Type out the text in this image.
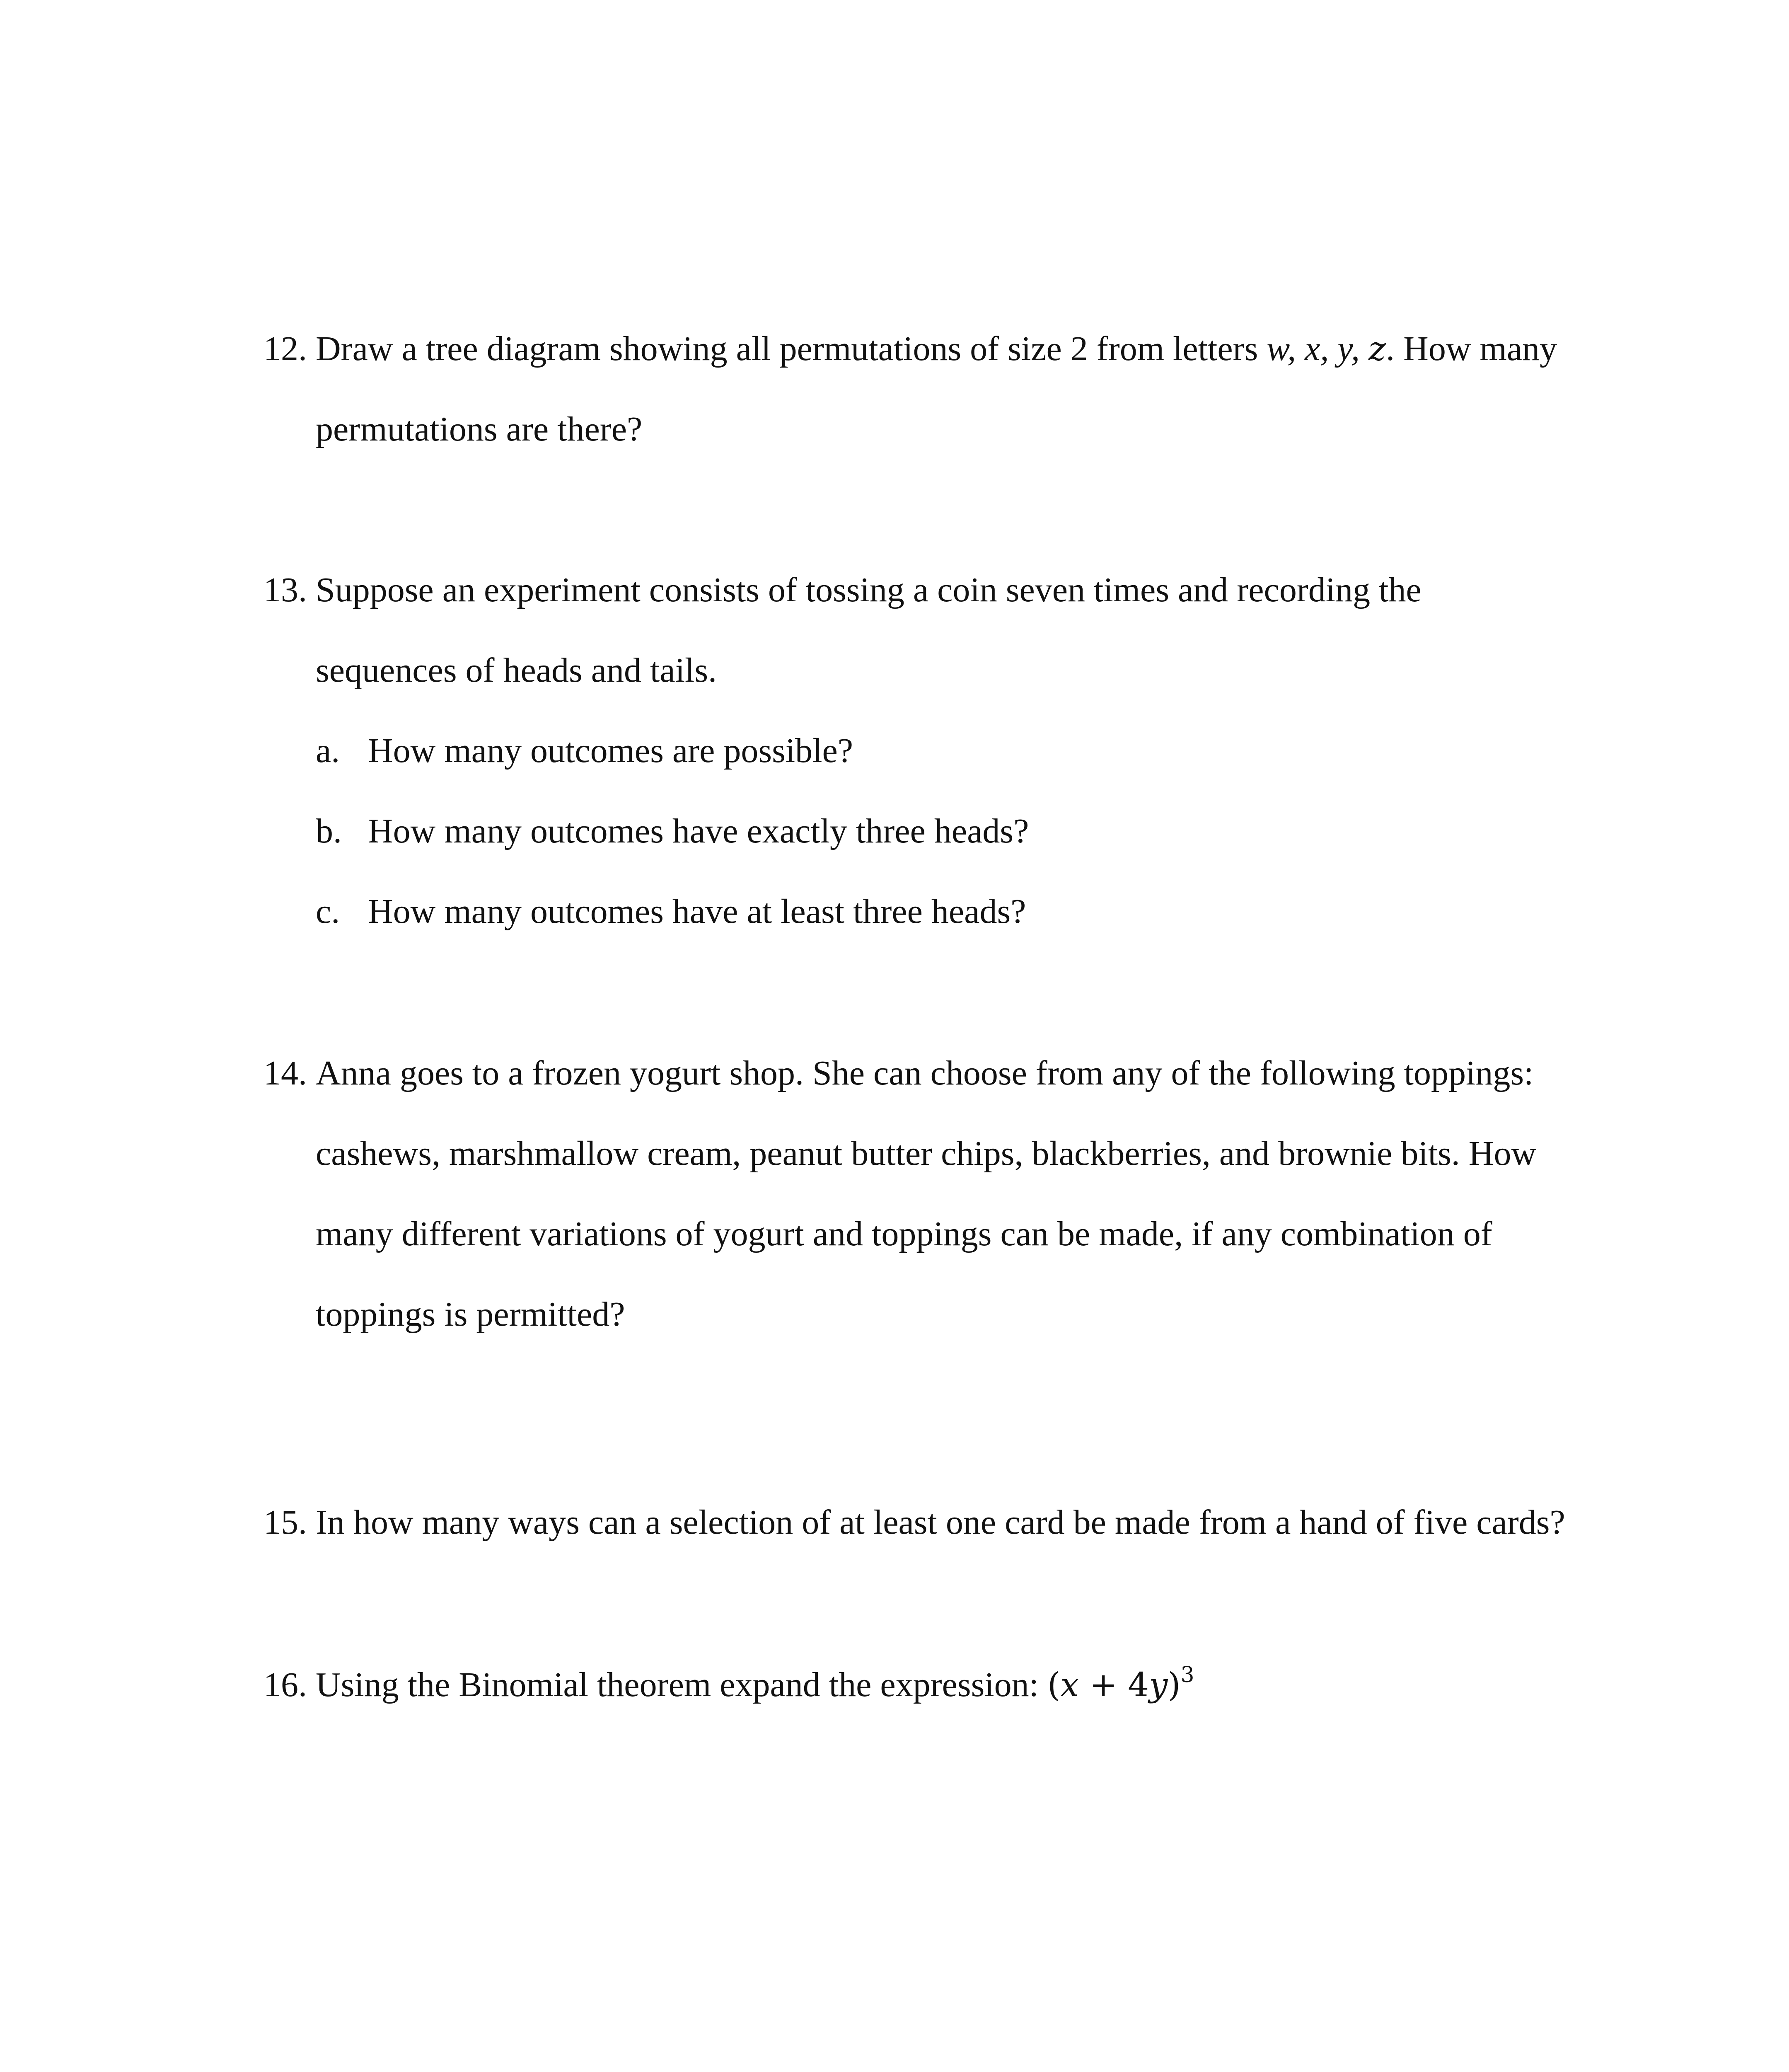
12. Draw a tree diagram showing all permutations of size 2 from letters w, x, y, z. How many
permutations are there?
13. Suppose an experiment consists of tossing a coin seven times and recording the
sequences of heads and tails.
a. How many outcomes are possible?
b. How many outcomes have exactly three heads?
c. How many outcomes have at least three heads?
14. Anna goes to a frozen yogurt shop. She can choose from any of the following toppings:
cashews, marshmallow cream, peanut butter chips, blackberries, and brownie bits. How
many different variations of yogurt and toppings can be made, if any combination of
toppings is permitted?
15. In how many ways can a selection of at least one card be made from a hand of five cards?
16. Using the Binomial theorem expand the expression: $(x + 4y)^3$
